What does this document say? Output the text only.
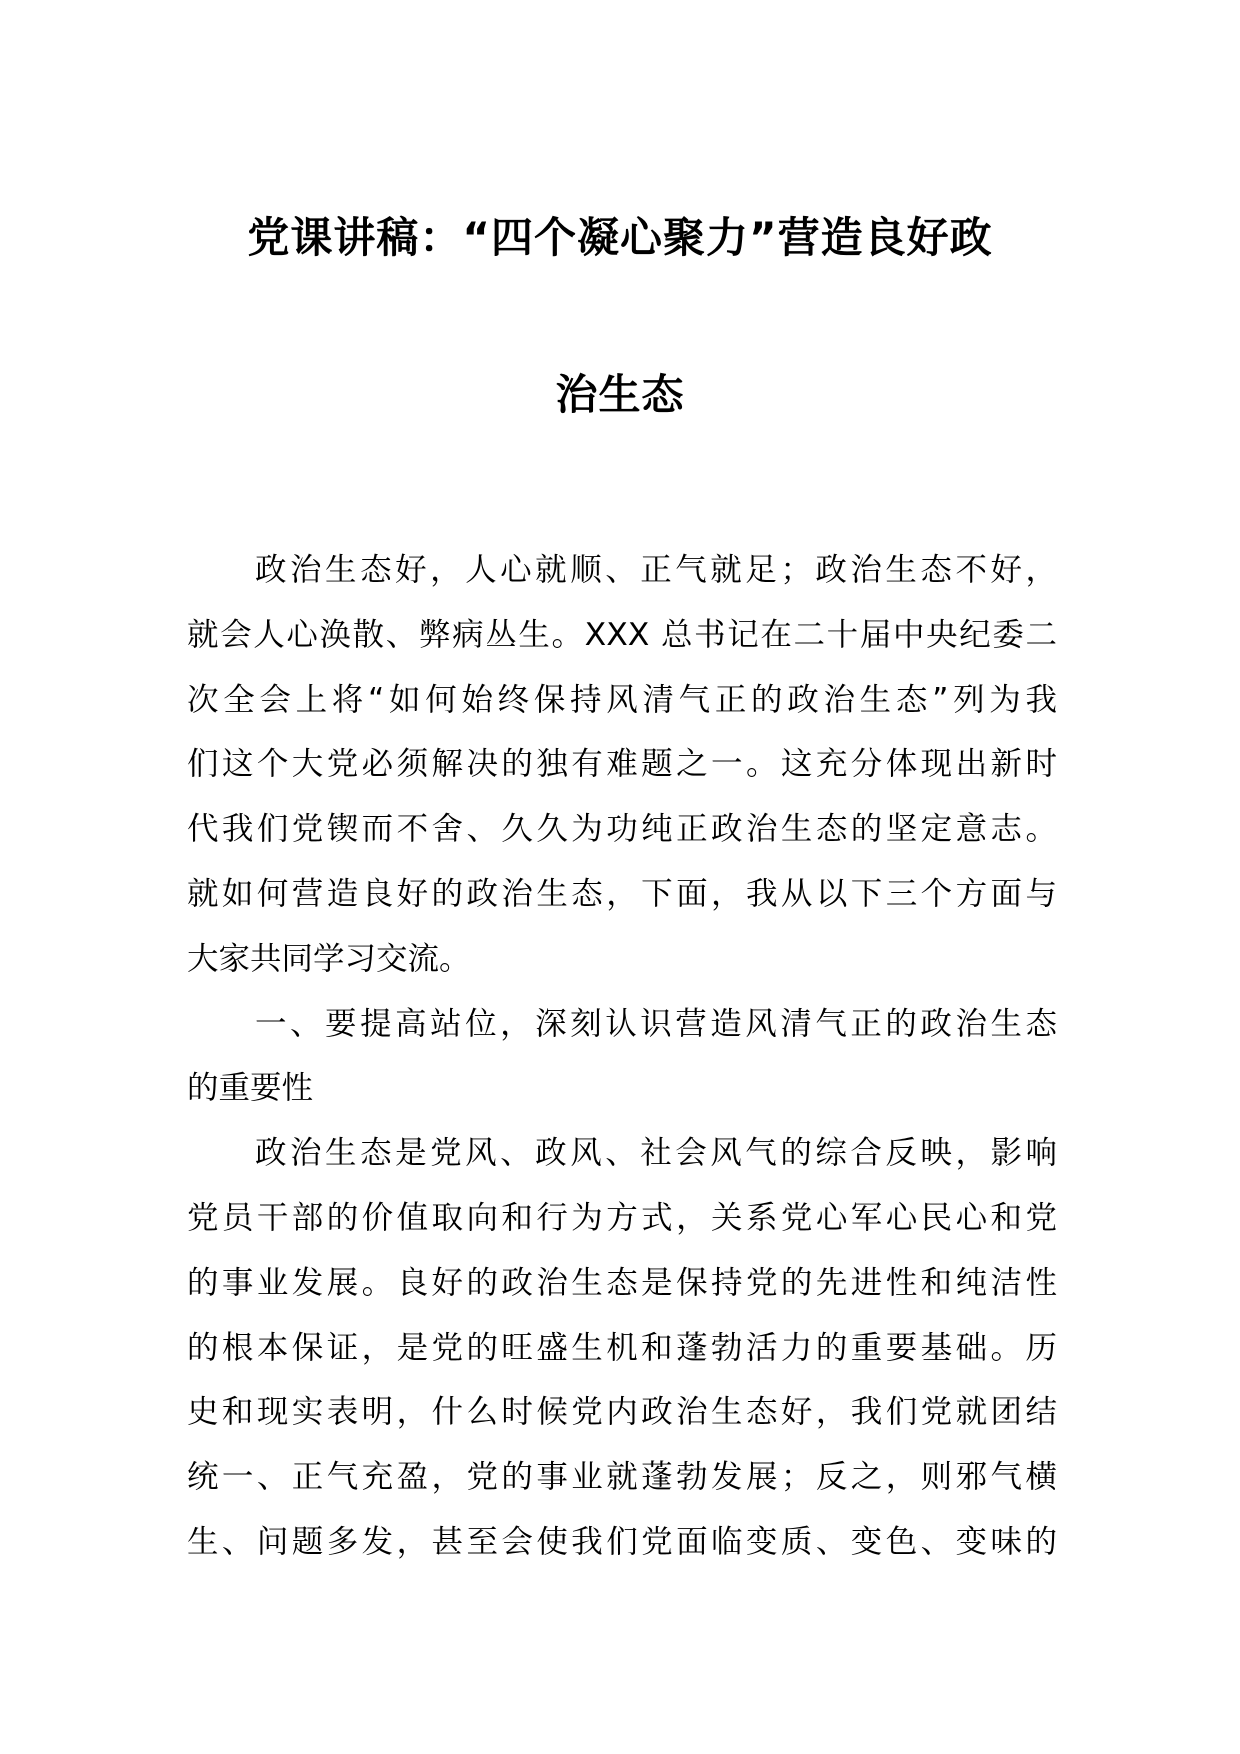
党课讲稿：“四个凝心聚力”营造良好政
治生态
政治生态好，人心就顺、正气就足；政治生态不好，
就会人心涣散、弊病丛生。XXX 总书记在二十届中央纪委二
次全会上将“如何始终保持风清气正的政治生态”列为我
们这个大党必须解决的独有难题之一。这充分体现出新时
代我们党锲而不舍、久久为功纯正政治生态的坚定意志。
就如何营造良好的政治生态，下面，我从以下三个方面与
大家共同学习交流。
一、要提高站位，深刻认识营造风清气正的政治生态
的重要性
政治生态是党风、政风、社会风气的综合反映，影响
党员干部的价值取向和行为方式，关系党心军心民心和党
的事业发展。良好的政治生态是保持党的先进性和纯洁性
的根本保证，是党的旺盛生机和蓬勃活力的重要基础。历
史和现实表明，什么时候党内政治生态好，我们党就团结
统一、正气充盈，党的事业就蓬勃发展；反之，则邪气横
生、问题多发，甚至会使我们党面临变质、变色、变味的
